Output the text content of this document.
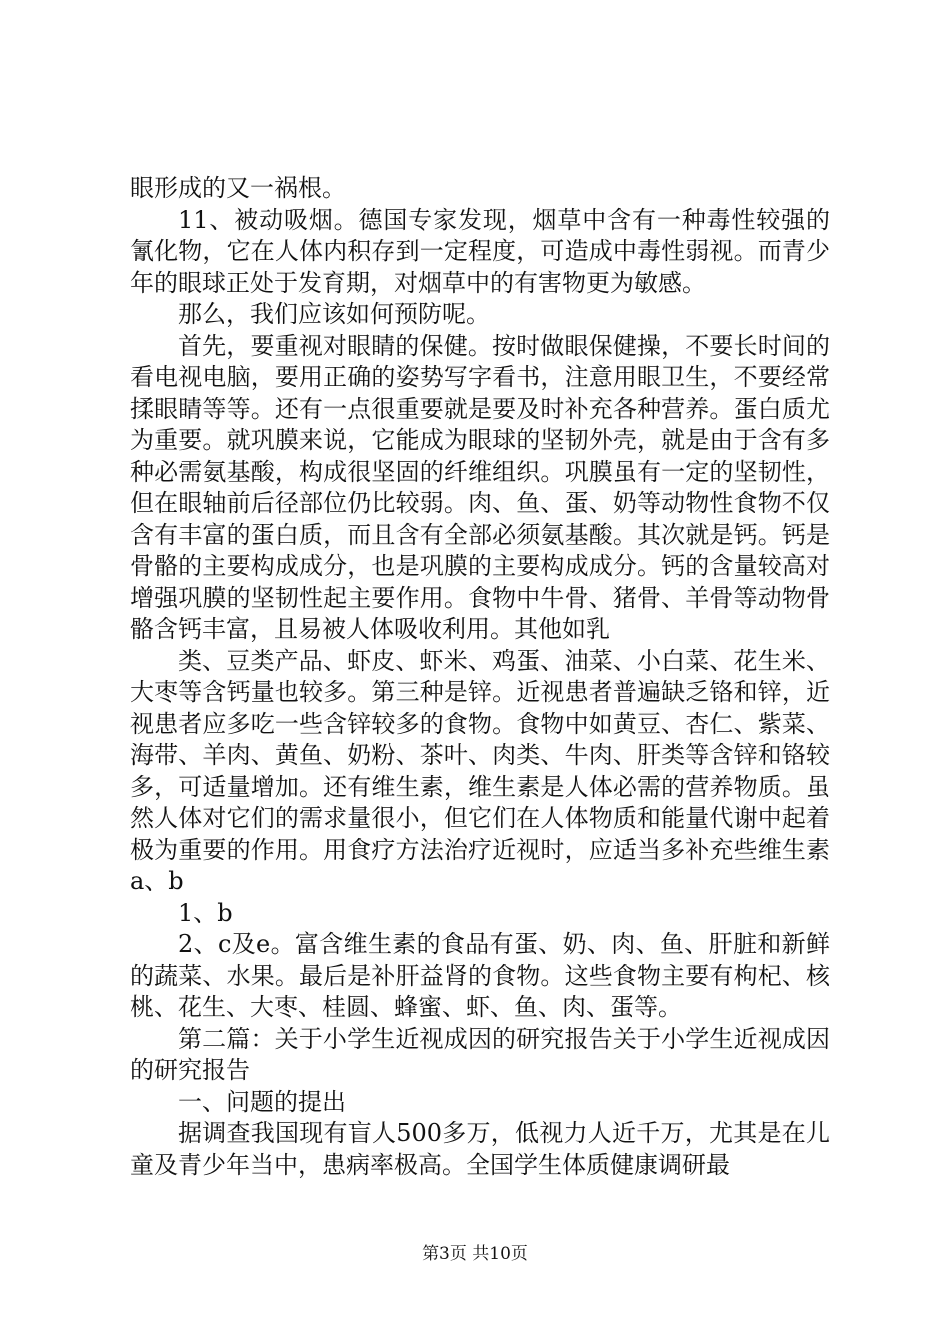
眼形成的又一祸根。

11、被动吸烟。德国专家发现，烟草中含有一种毒性较强的氰化物，它在人体内积存到一定程度，可造成中毒性弱视。而青少年的眼球正处于发育期，对烟草中的有害物更为敏感。

那么，我们应该如何预防呢。

首先，要重视对眼睛的保健。按时做眼保健操，不要长时间的看电视电脑，要用正确的姿势写字看书，注意用眼卫生，不要经常揉眼睛等等。还有一点很重要就是要及时补充各种营养。蛋白质尤为重要。就巩膜来说，它能成为眼球的坚韧外壳，就是由于含有多种必需氨基酸，构成很坚固的纤维组织。巩膜虽有一定的坚韧性，但在眼轴前后径部位仍比较弱。肉、鱼、蛋、奶等动物性食物不仅含有丰富的蛋白质，而且含有全部必须氨基酸。其次就是钙。钙是骨骼的主要构成成分，也是巩膜的主要构成成分。钙的含量较高对增强巩膜的坚韧性起主要作用。食物中牛骨、猪骨、羊骨等动物骨骼含钙丰富，且易被人体吸收利用。其他如乳

类、豆类产品、虾皮、虾米、鸡蛋、油菜、小白菜、花生米、大枣等含钙量也较多。第三种是锌。近视患者普遍缺乏铬和锌，近视患者应多吃一些含锌较多的食物。食物中如黄豆、杏仁、紫菜、海带、羊肉、黄鱼、奶粉、茶叶、肉类、牛肉、肝类等含锌和铬较多，可适量增加。还有维生素，维生素是人体必需的营养物质。虽然人体对它们的需求量很小，但它们在人体物质和能量代谢中起着极为重要的作用。用食疗方法治疗近视时，应适当多补充些维生素a、b

1、b

2、c及e。富含维生素的食品有蛋、奶、肉、鱼、肝脏和新鲜的蔬菜、水果。最后是补肝益肾的食物。这些食物主要有枸杞、核桃、花生、大枣、桂圆、蜂蜜、虾、鱼、肉、蛋等。

第二篇：关于小学生近视成因的研究报告关于小学生近视成因的研究报告

一、问题的提出

据调查我国现有盲人500多万，低视力人近千万，尤其是在儿童及青少年当中，患病率极高。全国学生体质健康调研最

第3页 共10页
